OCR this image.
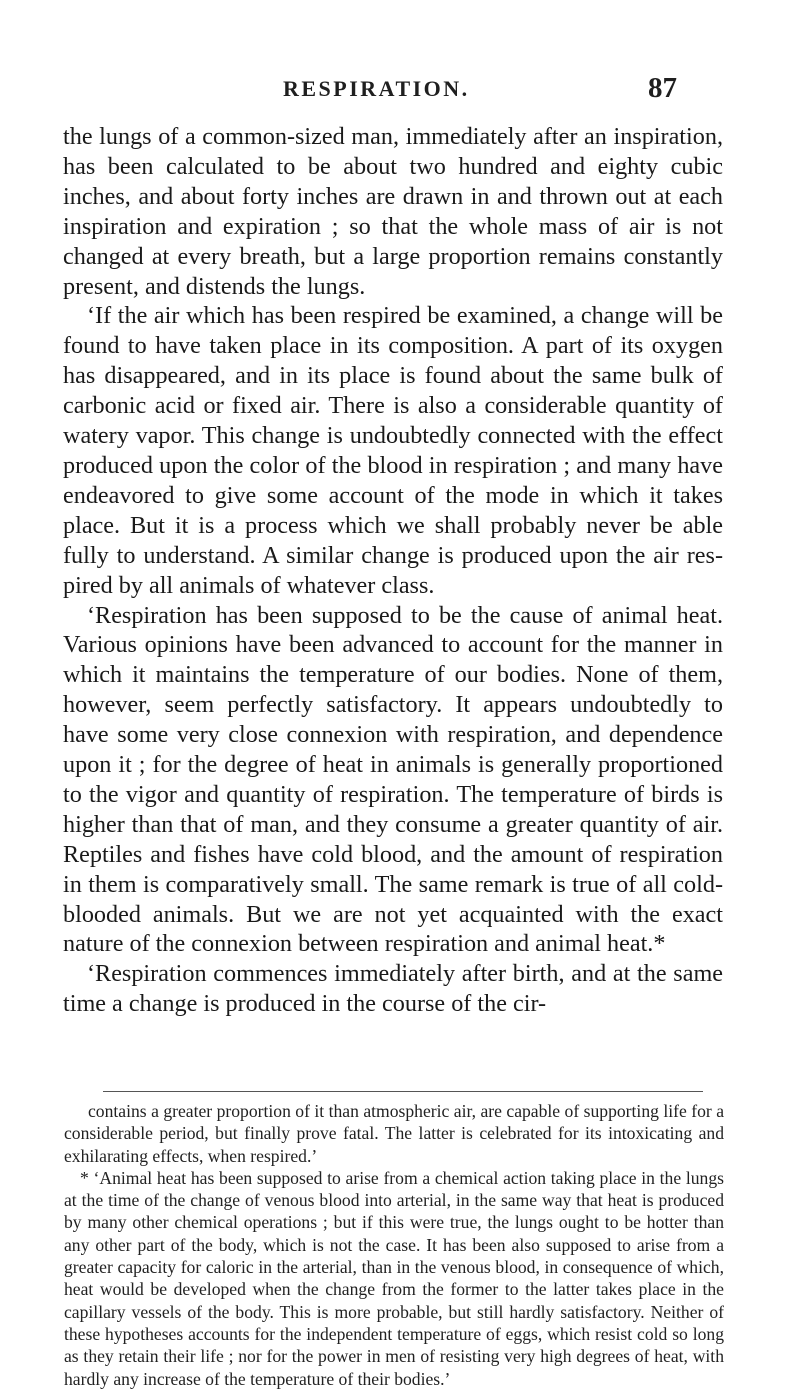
RESPIRATION.	87

the lungs of a common-sized man, immediately after an inspiration, has been calculated to be about two hundred and eighty cubic inches, and about forty inches are drawn in and thrown out at each inspiration and expiration ; so that the whole mass of air is not changed at every breath, but a large proportion remains constantly present, and distends the lungs.

‘If the air which has been respired be examined, a change will be found to have taken place in its composition. A part of its oxygen has disappeared, and in its place is found about the same bulk of carbonic acid or fixed air. There is also a considerable quantity of watery vapor. This change is undoubtedly connected with the effect produced upon the color of the blood in respiration ; and many have endeavored to give some account of the mode in which it takes place. But it is a process which we shall probably never be able fully to understand. A similar change is produced upon the air respired by all animals of whatever class.

‘Respiration has been supposed to be the cause of animal heat. Various opinions have been advanced to account for the manner in which it maintains the temperature of our bodies. None of them, however, seem perfectly satisfactory. It appears undoubtedly to have some very close connexion with respiration, and dependence upon it ; for the degree of heat in animals is generally proportioned to the vigor and quantity of respiration. The temperature of birds is higher than that of man, and they consume a greater quantity of air. Reptiles and fishes have cold blood, and the amount of respiration in them is comparatively small. The same remark is true of all cold-blooded animals. But we are not yet acquainted with the exact nature of the connexion between respiration and animal heat.*

‘Respiration commences immediately after birth, and at the same time a change is produced in the course of the cir-

contains a greater proportion of it than atmospheric air, are capable of supporting life for a considerable period, but finally prove fatal. The latter is celebrated for its intoxicating and exhilarating effects, when respired.’

* ‘Animal heat has been supposed to arise from a chemical action taking place in the lungs at the time of the change of venous blood into arterial, in the same way that heat is produced by many other chemical operations ; but if this were true, the lungs ought to be hotter than any other part of the body, which is not the case. It has been also supposed to arise from a greater capacity for caloric in the arterial, than in the venous blood, in consequence of which, heat would be developed when the change from the former to the latter takes place in the capillary vessels of the body. This is more probable, but still hardly satisfactory. Neither of these hypotheses accounts for the independent temperature of eggs, which resist cold so long as they retain their life ; nor for the power in men of resisting very high degrees of heat, with hardly any increase of the temperature of their bodies.’
